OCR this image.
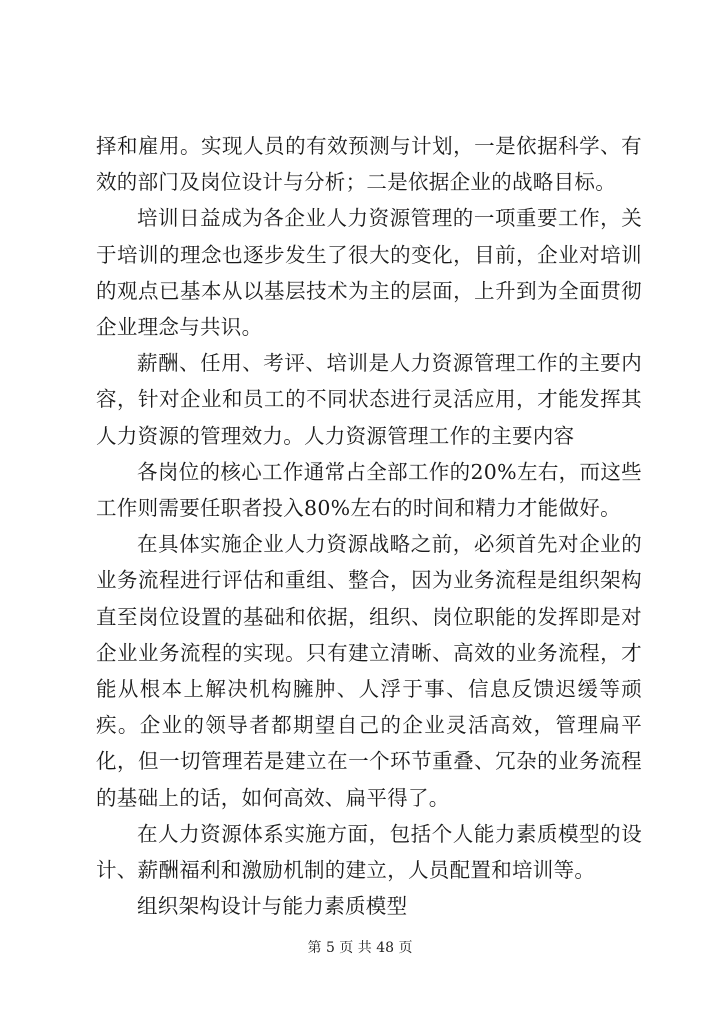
择和雇用。实现人员的有效预测与计划，一是依据科学、有效的部门及岗位设计与分析；二是依据企业的战略目标。

培训日益成为各企业人力资源管理的一项重要工作，关于培训的理念也逐步发生了很大的变化，目前，企业对培训的观点已基本从以基层技术为主的层面，上升到为全面贯彻企业理念与共识。

薪酬、任用、考评、培训是人力资源管理工作的主要内容，针对企业和员工的不同状态进行灵活应用，才能发挥其人力资源的管理效力。人力资源管理工作的主要内容

各岗位的核心工作通常占全部工作的20%左右，而这些工作则需要任职者投入80%左右的时间和精力才能做好。

在具体实施企业人力资源战略之前，必须首先对企业的业务流程进行评估和重组、整合，因为业务流程是组织架构直至岗位设置的基础和依据，组织、岗位职能的发挥即是对企业业务流程的实现。只有建立清晰、高效的业务流程，才能从根本上解决机构臃肿、人浮于事、信息反馈迟缓等顽疾。企业的领导者都期望自己的企业灵活高效，管理扁平化，但一切管理若是建立在一个环节重叠、冗杂的业务流程的基础上的话，如何高效、扁平得了。

在人力资源体系实施方面，包括个人能力素质模型的设计、薪酬福利和激励机制的建立，人员配置和培训等。

组织架构设计与能力素质模型

第 5 页 共 48 页
